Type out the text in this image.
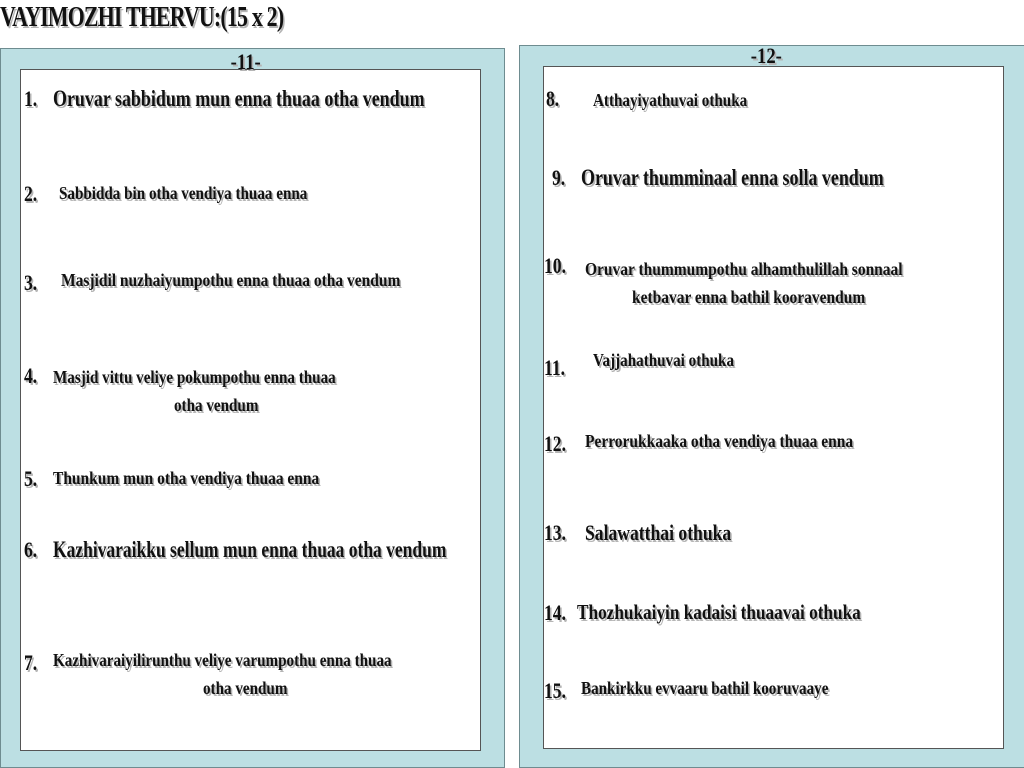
VAYIMOZHI THERVU:(15 x 2)
-11-	-12-
1. Oruvar sabbidum mun enna thuaa otha vendum
2. Sabbidda bin otha vendiya thuaa enna
3. Masjidil nuzhaiyumpothu enna thuaa otha vendum
4. Masjid vittu veliye pokumpothu enna thuaa
otha vendum
5. Thunkum mun otha vendiya thuaa enna
6. Kazhivaraikku sellum mun enna thuaa otha vendum
7. Kazhivaraiyilirunthu veliye varumpothu enna thuaa
otha vendum
8. Atthayiyathuvai othuka
9. Oruvar thumminaal enna solla vendum
10. Oruvar thummumpothu alhamthulillah sonnaal
ketbavar enna bathil kooravendum
11. Vajjahathuvai othuka
12. Perrorukkaaka otha vendiya thuaa enna
13. Salawatthai othuka
14. Thozhukaiyin kadaisi thuaavai othuka
15. Bankirkku evvaaru bathil kooruvaaye
